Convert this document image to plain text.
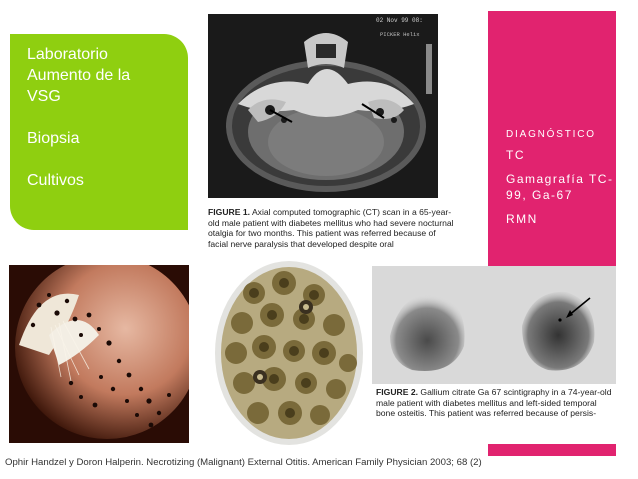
Laboratorio
Aumento de la
VSG
Biopsia
Cultivos
02 Nov 99 08:
PICKER Helix
FIGURE 1. Axial computed tomographic (CT) scan in a 65-year-old male patient with diabetes mellitus who had severe nocturnal otalgia for two months. This patient was referred because of facial nerve paralysis that developed despite oral
DIAGNÓSTICO
TC
Gamagrafía TC-99, Ga-67
RMN
FIGURE 2. Gallium citrate Ga 67 scintigraphy in a 74-year-old male patient with diabetes mellitus and left-sided temporal bone osteitis. This patient was referred because of persis-
Ophir Handzel y Doron Halperin. Necrotizing (Malignant) External Otitis. American Family Physician 2003; 68 (2)
